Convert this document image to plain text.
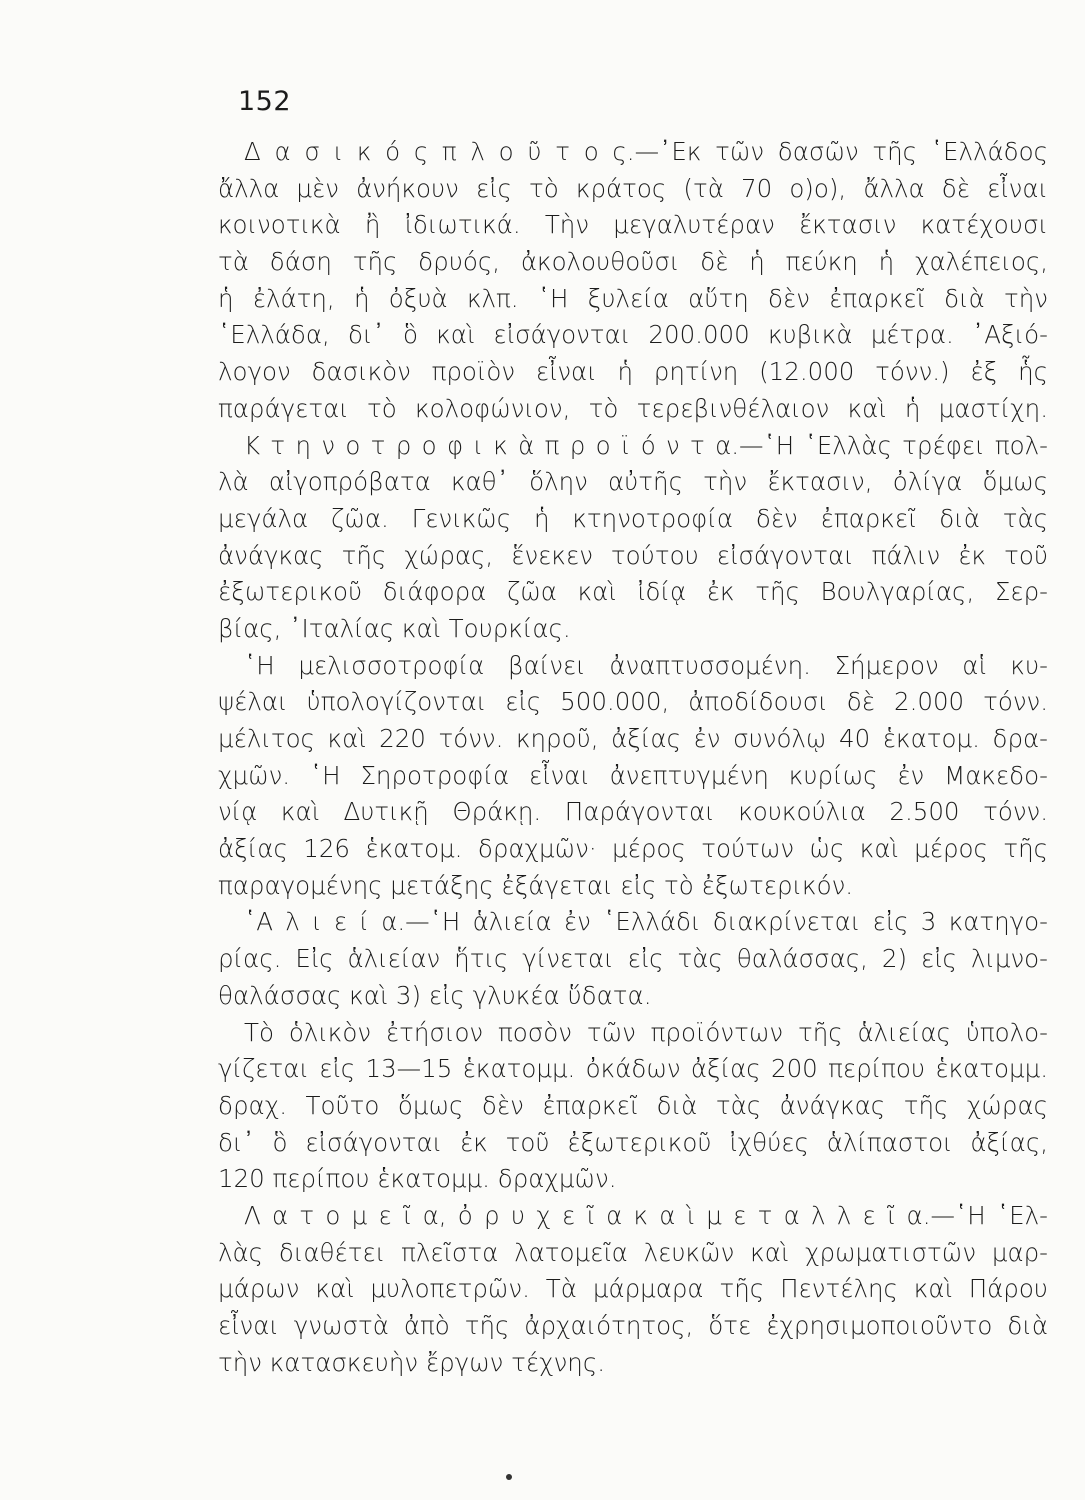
152
Δ α σ ι κ ό ς π λ ο ῦ τ ο ς.—᾿Εκ τῶν δασῶν τῆς ῾Ελλάδος
ἄλλα μὲν ἀνήκουν εἰς τὸ κράτος (τὰ 70 ο)ο), ἄλλα δὲ εἶναι
κοινοτικὰ ἢ ἰδιωτικά. Τὴν μεγαλυτέραν ἔκτασιν κατέχουσι
τὰ δάση τῆς δρυός, ἀκολουθοῦσι δὲ ἡ πεύκη ἡ χαλέπειος,
ἡ ἐλάτη, ἡ ὀξυὰ κλπ. ῾Η ξυλεία αὕτη δὲν ἐπαρκεῖ διὰ τὴν
῾Ελλάδα, δι᾿ ὃ καὶ εἰσάγονται 200.000 κυβικὰ μέτρα. ᾿Αξιό-
λογον δασικὸν προϊὸν εἶναι ἡ ρητίνη (12.000 τόνν.) ἐξ ἧς
παράγεται τὸ κολοφώνιον, τὸ τερεβινθέλαιον καὶ ἡ μαστίχη.
Κ τ η ν ο τ ρ ο φ ι κ ὰ π ρ ο ϊ ό ν τ α.—῾Η ῾Ελλὰς τρέφει πολ-
λὰ αἰγοπρόβατα καθ᾿ ὅλην αὐτῆς τὴν ἔκτασιν, ὀλίγα ὅμως
μεγάλα ζῶα. Γενικῶς ἡ κτηνοτροφία δὲν ἐπαρκεῖ διὰ τὰς
ἀνάγκας τῆς χώρας, ἕνεκεν τούτου εἰσάγονται πάλιν ἐκ τοῦ
ἐξωτερικοῦ διάφορα ζῶα καὶ ἰδίᾳ ἐκ τῆς Βουλγαρίας, Σερ-
βίας, ᾿Ιταλίας καὶ Τουρκίας.
῾Η μελισσοτροφία βαίνει ἀναπτυσσομένη. Σήμερον αἱ κυ-
ψέλαι ὑπολογίζονται εἰς 500.000, ἀποδίδουσι δὲ 2.000 τόνν.
μέλιτος καὶ 220 τόνν. κηροῦ, ἀξίας ἐν συνόλῳ 40 ἑκατομ. δρα-
χμῶν. ῾Η Σηροτροφία εἶναι ἀνεπτυγμένη κυρίως ἐν Μακεδο-
νίᾳ καὶ Δυτικῇ Θράκῃ. Παράγονται κουκούλια 2.500 τόνν.
ἀξίας 126 ἑκατομ. δραχμῶν· μέρος τούτων ὡς καὶ μέρος τῆς
παραγομένης μετάξης ἐξάγεται εἰς τὸ ἐξωτερικόν.
῾Α λ ι ε ί α.—῾Η ἁλιεία ἐν ῾Ελλάδι διακρίνεται εἰς 3 κατηγο-
ρίας. Εἰς ἁλιείαν ἥτις γίνεται εἰς τὰς θαλάσσας, 2) εἰς λιμνο-
θαλάσσας καὶ 3) εἰς γλυκέα ὕδατα.
Τὸ ὁλικὸν ἐτήσιον ποσὸν τῶν προϊόντων τῆς ἁλιείας ὑπολο-
γίζεται εἰς 13—15 ἑκατομμ. ὀκάδων ἀξίας 200 περίπου ἑκατομμ.
δραχ. Τοῦτο ὅμως δὲν ἐπαρκεῖ διὰ τὰς ἀνάγκας τῆς χώρας
δι᾿ ὃ εἰσάγονται ἐκ τοῦ ἐξωτερικοῦ ἰχθύες ἁλίπαστοι ἀξίας,
120 περίπου ἑκατομμ. δραχμῶν.
Λ α τ ο μ ε ῖ α, ὀ ρ υ χ ε ῖ α κ α ὶ μ ε τ α λ λ ε ῖ α.—῾Η ῾Ελ-
λὰς διαθέτει πλεῖστα λατομεῖα λευκῶν καὶ χρωματιστῶν μαρ-
μάρων καὶ μυλοπετρῶν. Τὰ μάρμαρα τῆς Πεντέλης καὶ Πάρου
εἶναι γνωστὰ ἀπὸ τῆς ἀρχαιότητος, ὅτε ἐχρησιμοποιοῦντο διὰ
τὴν κατασκευὴν ἔργων τέχνης.
